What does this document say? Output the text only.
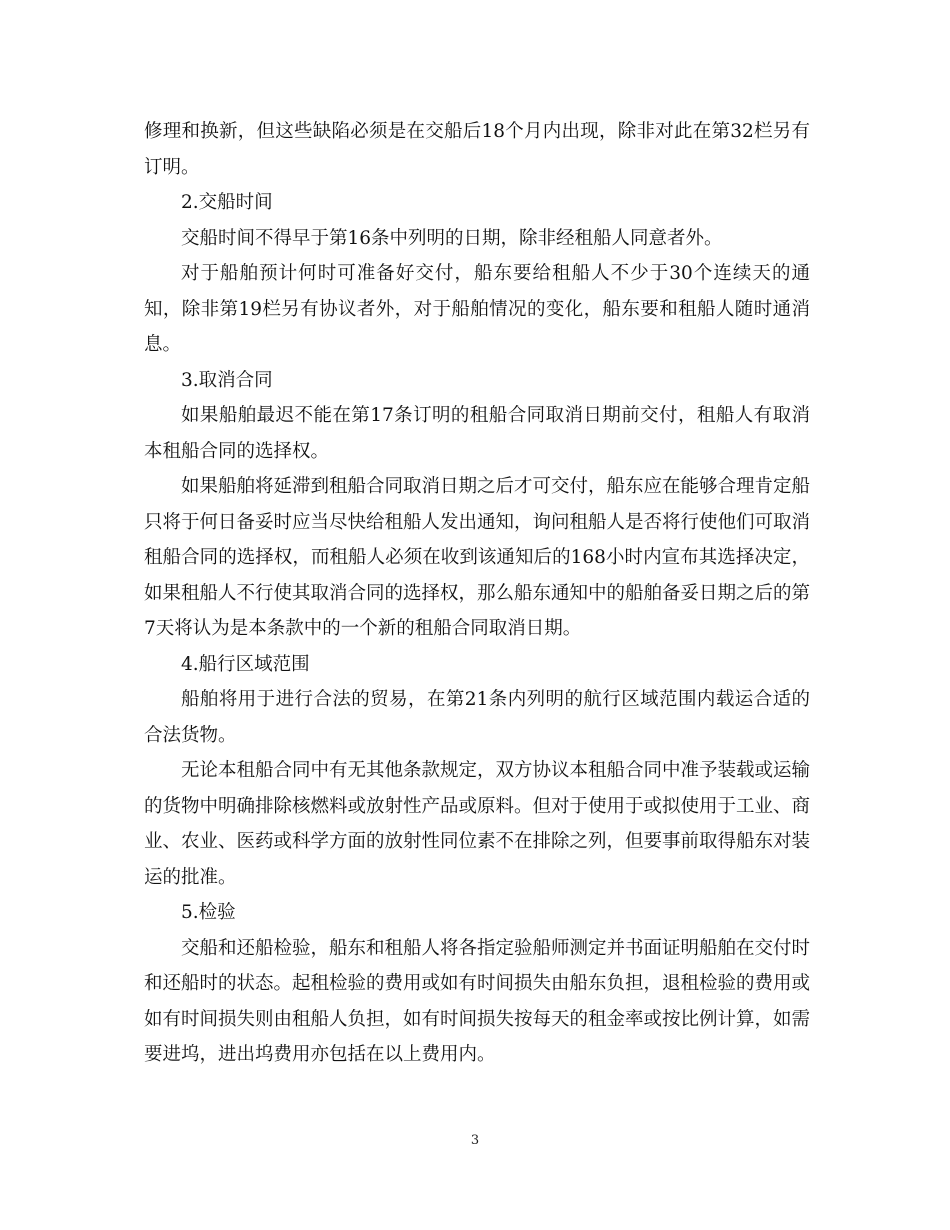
修理和换新，但这些缺陷必须是在交船后18个月内出现，除非对此在第32栏另有订明。

2.交船时间

交船时间不得早于第16条中列明的日期，除非经租船人同意者外。

对于船舶预计何时可准备好交付，船东要给租船人不少于30个连续天的通知，除非第19栏另有协议者外，对于船舶情况的变化，船东要和租船人随时通消息。

3.取消合同

如果船舶最迟不能在第17条订明的租船合同取消日期前交付，租船人有取消本租船合同的选择权。

如果船舶将延滞到租船合同取消日期之后才可交付，船东应在能够合理肯定船只将于何日备妥时应当尽快给租船人发出通知，询问租船人是否将行使他们可取消租船合同的选择权，而租船人必须在收到该通知后的168小时内宣布其选择决定，如果租船人不行使其取消合同的选择权，那么船东通知中的船舶备妥日期之后的第7天将认为是本条款中的一个新的租船合同取消日期。

4.船行区域范围

船舶将用于进行合法的贸易，在第21条内列明的航行区域范围内载运合适的合法货物。

无论本租船合同中有无其他条款规定，双方协议本租船合同中准予装载或运输的货物中明确排除核燃料或放射性产品或原料。但对于使用于或拟使用于工业、商业、农业、医药或科学方面的放射性同位素不在排除之列，但要事前取得船东对装运的批准。

5.检验

交船和还船检验，船东和租船人将各指定验船师测定并书面证明船舶在交付时和还船时的状态。起租检验的费用或如有时间损失由船东负担，退租检验的费用或如有时间损失则由租船人负担，如有时间损失按每天的租金率或按比例计算，如需要进坞，进出坞费用亦包括在以上费用内。

3
